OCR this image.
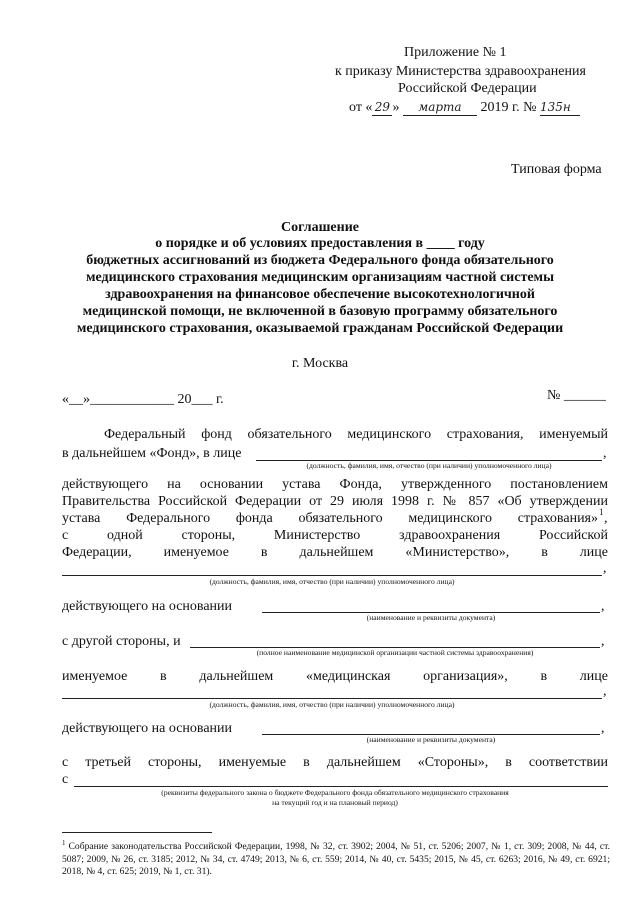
Приложение № 1
к приказу Министерства здравоохранения
Российской Федерации
от « 29 » марта 2019 г. № 135н
Типовая форма
Соглашение
о порядке и об условиях предоставления в ____ году
бюджетных ассигнований из бюджета Федерального фонда обязательного
медицинского страхования медицинским организациям частной системы
здравоохранения на финансовое обеспечение высокотехнологичной
медицинской помощи, не включенной в базовую программу обязательного
медицинского страхования, оказываемой гражданам Российской Федерации
г. Москва
«__»____________ 20___ г.	№ ______
Федеральный фонд обязательного медицинского страхования, именуемый
в дальнейшем «Фонд», в лице	,
(должность, фамилия, имя, отчество (при наличии) уполномоченного лица)
действующего на основании устава Фонда, утвержденного постановлением
Правительства Российской Федерации от 29 июля 1998 г. № 857 «Об утверждении
устава Федерального фонда обязательного медицинского страхования» 1 ,
с одной стороны, Министерство здравоохранения Российской
Федерации, именуемое в дальнейшем «Министерство», в лице
,
(должность, фамилия, имя, отчество (при наличии) уполномоченного лица)
действующего на основании	,
(наименование и реквизиты документа)
с другой стороны, и	,
(полное наименование медицинской организации частной системы здравоохранения)
именуемое в дальнейшем «медицинская организация», в лице
,
(должность, фамилия, имя, отчество (при наличии) уполномоченного лица)
действующего на основании	,
(наименование и реквизиты документа)
с третьей стороны, именуемые в дальнейшем «Стороны», в соответствии
с
(реквизиты федерального закона о бюджете Федерального фонда обязательного медицинского страхования
на текущий год и на плановый период)
$^1$ Собрание законодательства Российской Федерации, 1998, № 32, ст. 3902; 2004, № 51, ст. 5206; 2007, № 1, ст. 309; 2008, № 44, ст. 5087; 2009, № 26, ст. 3185; 2012, № 34, ст. 4749; 2013, № 6, ст. 559; 2014, № 40, ст. 5435; 2015, № 45, ст. 6263; 2016, № 49, ст. 6921; 2018, № 4, ст. 625; 2019, № 1, ст. 31).
